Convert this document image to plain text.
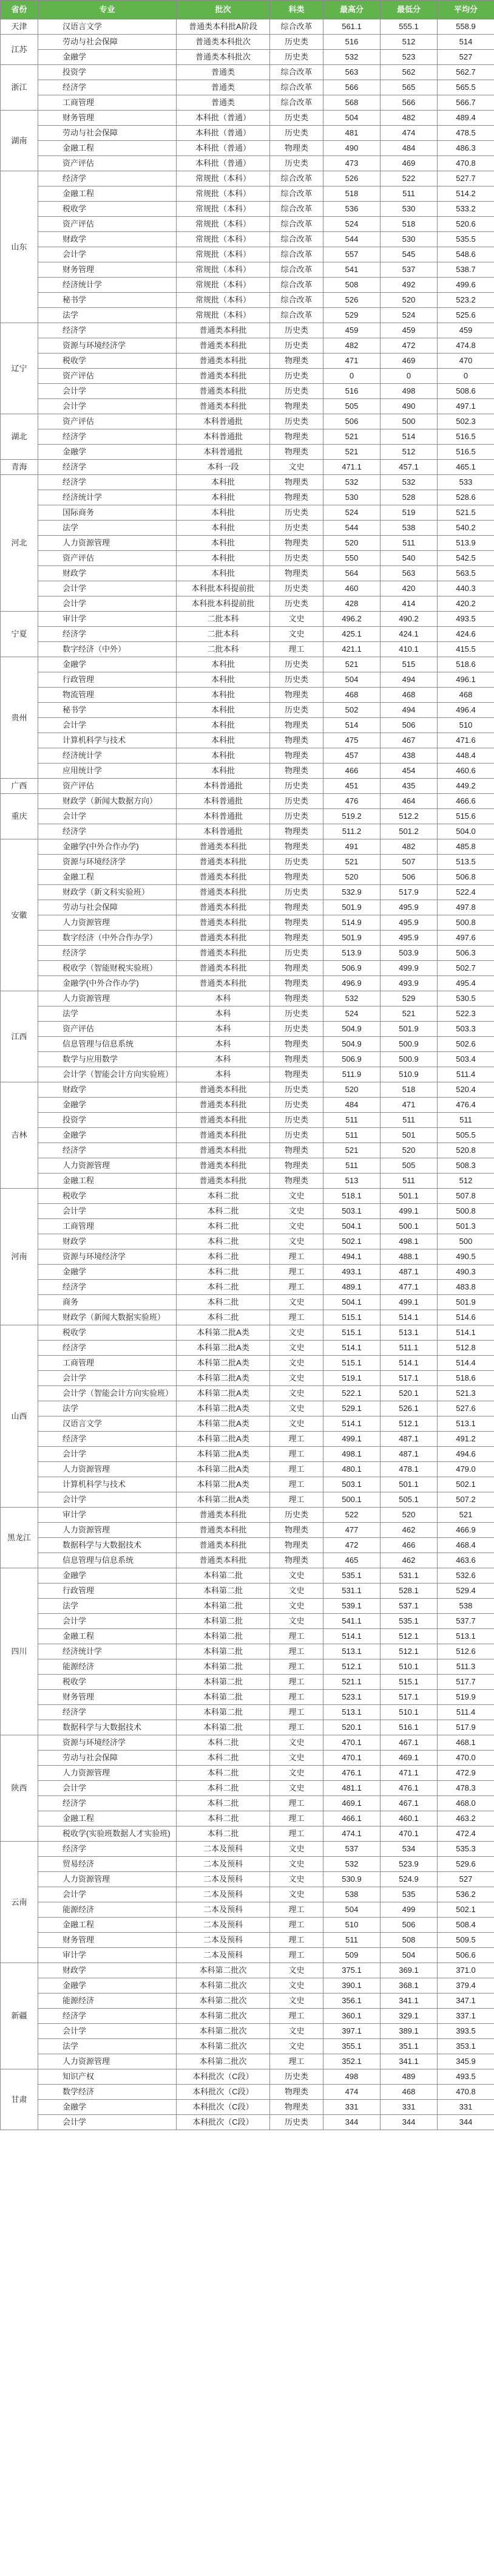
省份	专业	批次	科类	最高分	最低分	平均分
天津	汉语言文学	普通类本科批A阶段	综合改革	561.1	555.1	558.9
江苏	劳动与社会保障	普通类本科批次	历史类	516	512	514
	金融学	普通类本科批次	历史类	532	523	527
浙江	投资学	普通类	综合改革	563	562	562.7
	经济学	普通类	综合改革	566	565	565.5
	工商管理	普通类	综合改革	568	566	566.7
湖南	财务管理	本科批（普通）	历史类	504	482	489.4
	劳动与社会保障	本科批（普通）	历史类	481	474	478.5
	金融工程	本科批（普通）	物理类	490	484	486.3
	资产评估	本科批（普通）	历史类	473	469	470.8
山东	经济学	常规批（本科）	综合改革	526	522	527.7
	金融工程	常规批（本科）	综合改革	518	511	514.2
	税收学	常规批（本科）	综合改革	536	530	533.2
	资产评估	常规批（本科）	综合改革	524	518	520.6
	财政学	常规批（本科）	综合改革	544	530	535.5
	会计学	常规批（本科）	综合改革	557	545	548.6
	财务管理	常规批（本科）	综合改革	541	537	538.7
	经济统计学	常规批（本科）	综合改革	508	492	499.6
	秘书学	常规批（本科）	综合改革	526	520	523.2
	法学	常规批（本科）	综合改革	529	524	525.6
辽宁	经济学	普通类本科批	历史类	459	459	459
	资源与环境经济学	普通类本科批	历史类	482	472	474.8
	税收学	普通类本科批	物理类	471	469	470
	资产评估	普通类本科批	历史类	0	0	0
	会计学	普通类本科批	历史类	516	498	508.6
	会计学	普通类本科批	物理类	505	490	497.1
湖北	资产评估	本科普通批	历史类	506	500	502.3
	经济学	本科普通批	物理类	521	514	516.5
	金融学	本科普通批	物理类	521	512	516.5
青海	经济学	本科一段	文史	471.1	457.1	465.1
河北	经济学	本科批	物理类	532	532	533
	经济统计学	本科批	物理类	530	528	528.6
	国际商务	本科批	历史类	524	519	521.5
	法学	本科批	历史类	544	538	540.2
	人力资源管理	本科批	物理类	520	511	513.9
	资产评估	本科批	历史类	550	540	542.5
	财政学	本科批	物理类	564	563	563.5
	会计学	本科批本科提前批	历史类	460	420	440.3
	会计学	本科批本科提前批	历史类	428	414	420.2
宁夏	审计学	二批本科	文史	496.2	490.2	493.5
	经济学	二批本科	文史	425.1	424.1	424.6
	数字经济（中外）	二批本科	理工	421.1	410.1	415.5
贵州	金融学	本科批	历史类	521	515	518.6
	行政管理	本科批	历史类	504	494	496.1
	物流管理	本科批	物理类	468	468	468
	秘书学	本科批	历史类	502	494	496.4
	会计学	本科批	物理类	514	506	510
	计算机科学与技术	本科批	物理类	475	467	471.6
	经济统计学	本科批	物理类	457	438	448.4
	应用统计学	本科批	物理类	466	454	460.6
广西	资产评估	本科普通批	历史类	451	435	449.2
重庆	财政学（新闻大数据方向）	本科普通批	历史类	476	464	466.6
	会计学	本科普通批	历史类	519.2	512.2	515.6
	经济学	本科普通批	物理类	511.2	501.2	504.0
安徽	金融学(中外合作办学)	普通类本科批	物理类	491	482	485.8
	资源与环境经济学	普通类本科批	历史类	521	507	513.5
	金融工程	普通类本科批	物理类	520	506	506.8
	财政学（新文科实验班）	普通类本科批	历史类	532.9	517.9	522.4
	劳动与社会保障	普通类本科批	物理类	501.9	495.9	497.8
	人力资源管理	普通类本科批	物理类	514.9	495.9	500.8
	数字经济（中外合作办学）	普通类本科批	物理类	501.9	495.9	497.6
	经济学	普通类本科批	历史类	513.9	503.9	506.3
	税收学（智能财税实验班）	普通类本科批	物理类	506.9	499.9	502.7
	金融学(中外合作办学)	普通类本科批	物理类	496.9	493.9	495.4
江西	人力资源管理	本科	物理类	532	529	530.5
	法学	本科	历史类	524	521	522.3
	资产评估	本科	历史类	504.9	501.9	503.3
	信息管理与信息系统	本科	物理类	504.9	500.9	502.6
	数学与应用数学	本科	物理类	506.9	500.9	503.4
	会计学（智能会计方向实验班）	本科	物理类	511.9	510.9	511.4
吉林	财政学	普通类本科批	历史类	520	518	520.4
	金融学	普通类本科批	历史类	484	471	476.4
	投资学	普通类本科批	历史类	511	511	511
	金融学	普通类本科批	历史类	511	501	505.5
	经济学	普通类本科批	物理类	521	520	520.8
	人力资源管理	普通类本科批	物理类	511	505	508.3
	金融工程	普通类本科批	物理类	513	511	512
河南	税收学	本科二批	文史	518.1	501.1	507.8
	会计学	本科二批	文史	503.1	499.1	500.8
	工商管理	本科二批	文史	504.1	500.1	501.3
	财政学	本科二批	文史	502.1	498.1	500
	资源与环境经济学	本科二批	理工	494.1	488.1	490.5
	金融学	本科二批	理工	493.1	487.1	490.3
	经济学	本科二批	理工	489.1	477.1	483.8
	商务	本科二批	文史	504.1	499.1	501.9
	财政学（新闻大数据实验班）	本科二批	理工	515.1	514.1	514.6
山西	税收学	本科第二批A类	文史	515.1	513.1	514.1
	经济学	本科第二批A类	文史	514.1	511.1	512.8
	工商管理	本科第二批A类	文史	515.1	514.1	514.4
	会计学	本科第二批A类	文史	519.1	517.1	518.6
	会计学（智能会计方向实验班）	本科第二批A类	文史	522.1	520.1	521.3
	法学	本科第二批A类	文史	529.1	526.1	527.6
	汉语言文学	本科第二批A类	文史	514.1	512.1	513.1
	经济学	本科第二批A类	理工	499.1	487.1	491.2
	会计学	本科第二批A类	理工	498.1	487.1	494.6
	人力资源管理	本科第二批A类	理工	480.1	478.1	479.0
	计算机科学与技术	本科第二批A类	理工	503.1	501.1	502.1
	会计学	本科第二批A类	理工	500.1	505.1	507.2
黑龙江	审计学	普通类本科批	历史类	522	520	521
	人力资源管理	普通类本科批	物理类	477	462	466.9
	数据科学与大数据技术	普通类本科批	物理类	472	466	468.4
	信息管理与信息系统	普通类本科批	物理类	465	462	463.6
四川	金融学	本科第二批	文史	535.1	531.1	532.6
	行政管理	本科第二批	文史	531.1	528.1	529.4
	法学	本科第二批	文史	539.1	537.1	538
	会计学	本科第二批	文史	541.1	535.1	537.7
	金融工程	本科第二批	理工	514.1	512.1	513.1
	经济统计学	本科第二批	理工	513.1	512.1	512.6
	能源经济	本科第二批	理工	512.1	510.1	511.3
	税收学	本科第二批	理工	521.1	515.1	517.7
	财务管理	本科第二批	理工	523.1	517.1	519.9
	经济学	本科第二批	理工	513.1	510.1	511.4
	数据科学与大数据技术	本科第二批	理工	520.1	516.1	517.9
陕西	资源与环境经济学	本科二批	文史	470.1	467.1	468.1
	劳动与社会保障	本科二批	文史	470.1	469.1	470.0
	人力资源管理	本科二批	文史	476.1	471.1	472.9
	会计学	本科二批	文史	481.1	476.1	478.3
	经济学	本科二批	理工	469.1	467.1	468.0
	金融工程	本科二批	理工	466.1	460.1	463.2
	税收学(实验班数据人才实验班)	本科二批	理工	474.1	470.1	472.4
云南	经济学	二本及预科	文史	537	534	535.3
	贸易经济	二本及预科	文史	532	523.9	529.6
	人力资源管理	二本及预科	文史	530.9	524.9	527
	会计学	二本及预科	文史	538	535	536.2
	能源经济	二本及预科	理工	504	499	502.1
	金融工程	二本及预科	理工	510	506	508.4
	财务管理	二本及预科	理工	511	508	509.5
	审计学	二本及预科	理工	509	504	506.6
新疆	财政学	本科第二批次	文史	375.1	369.1	371.0
	金融学	本科第二批次	文史	390.1	368.1	379.4
	能源经济	本科第二批次	文史	356.1	341.1	347.1
	经济学	本科第二批次	理工	360.1	329.1	337.1
	会计学	本科第二批次	文史	397.1	389.1	393.5
	法学	本科第二批次	文史	355.1	351.1	353.1
	人力资源管理	本科第二批次	理工	352.1	341.1	345.9
甘肃	知识产权	本科批次（C段）	历史类	498	489	493.5
	数学经济	本科批次（C段）	物理类	474	468	470.8
	金融学	本科批次（C段）	物理类	331	331	331
	会计学	本科批次（C段）	历史类	344	344	344
